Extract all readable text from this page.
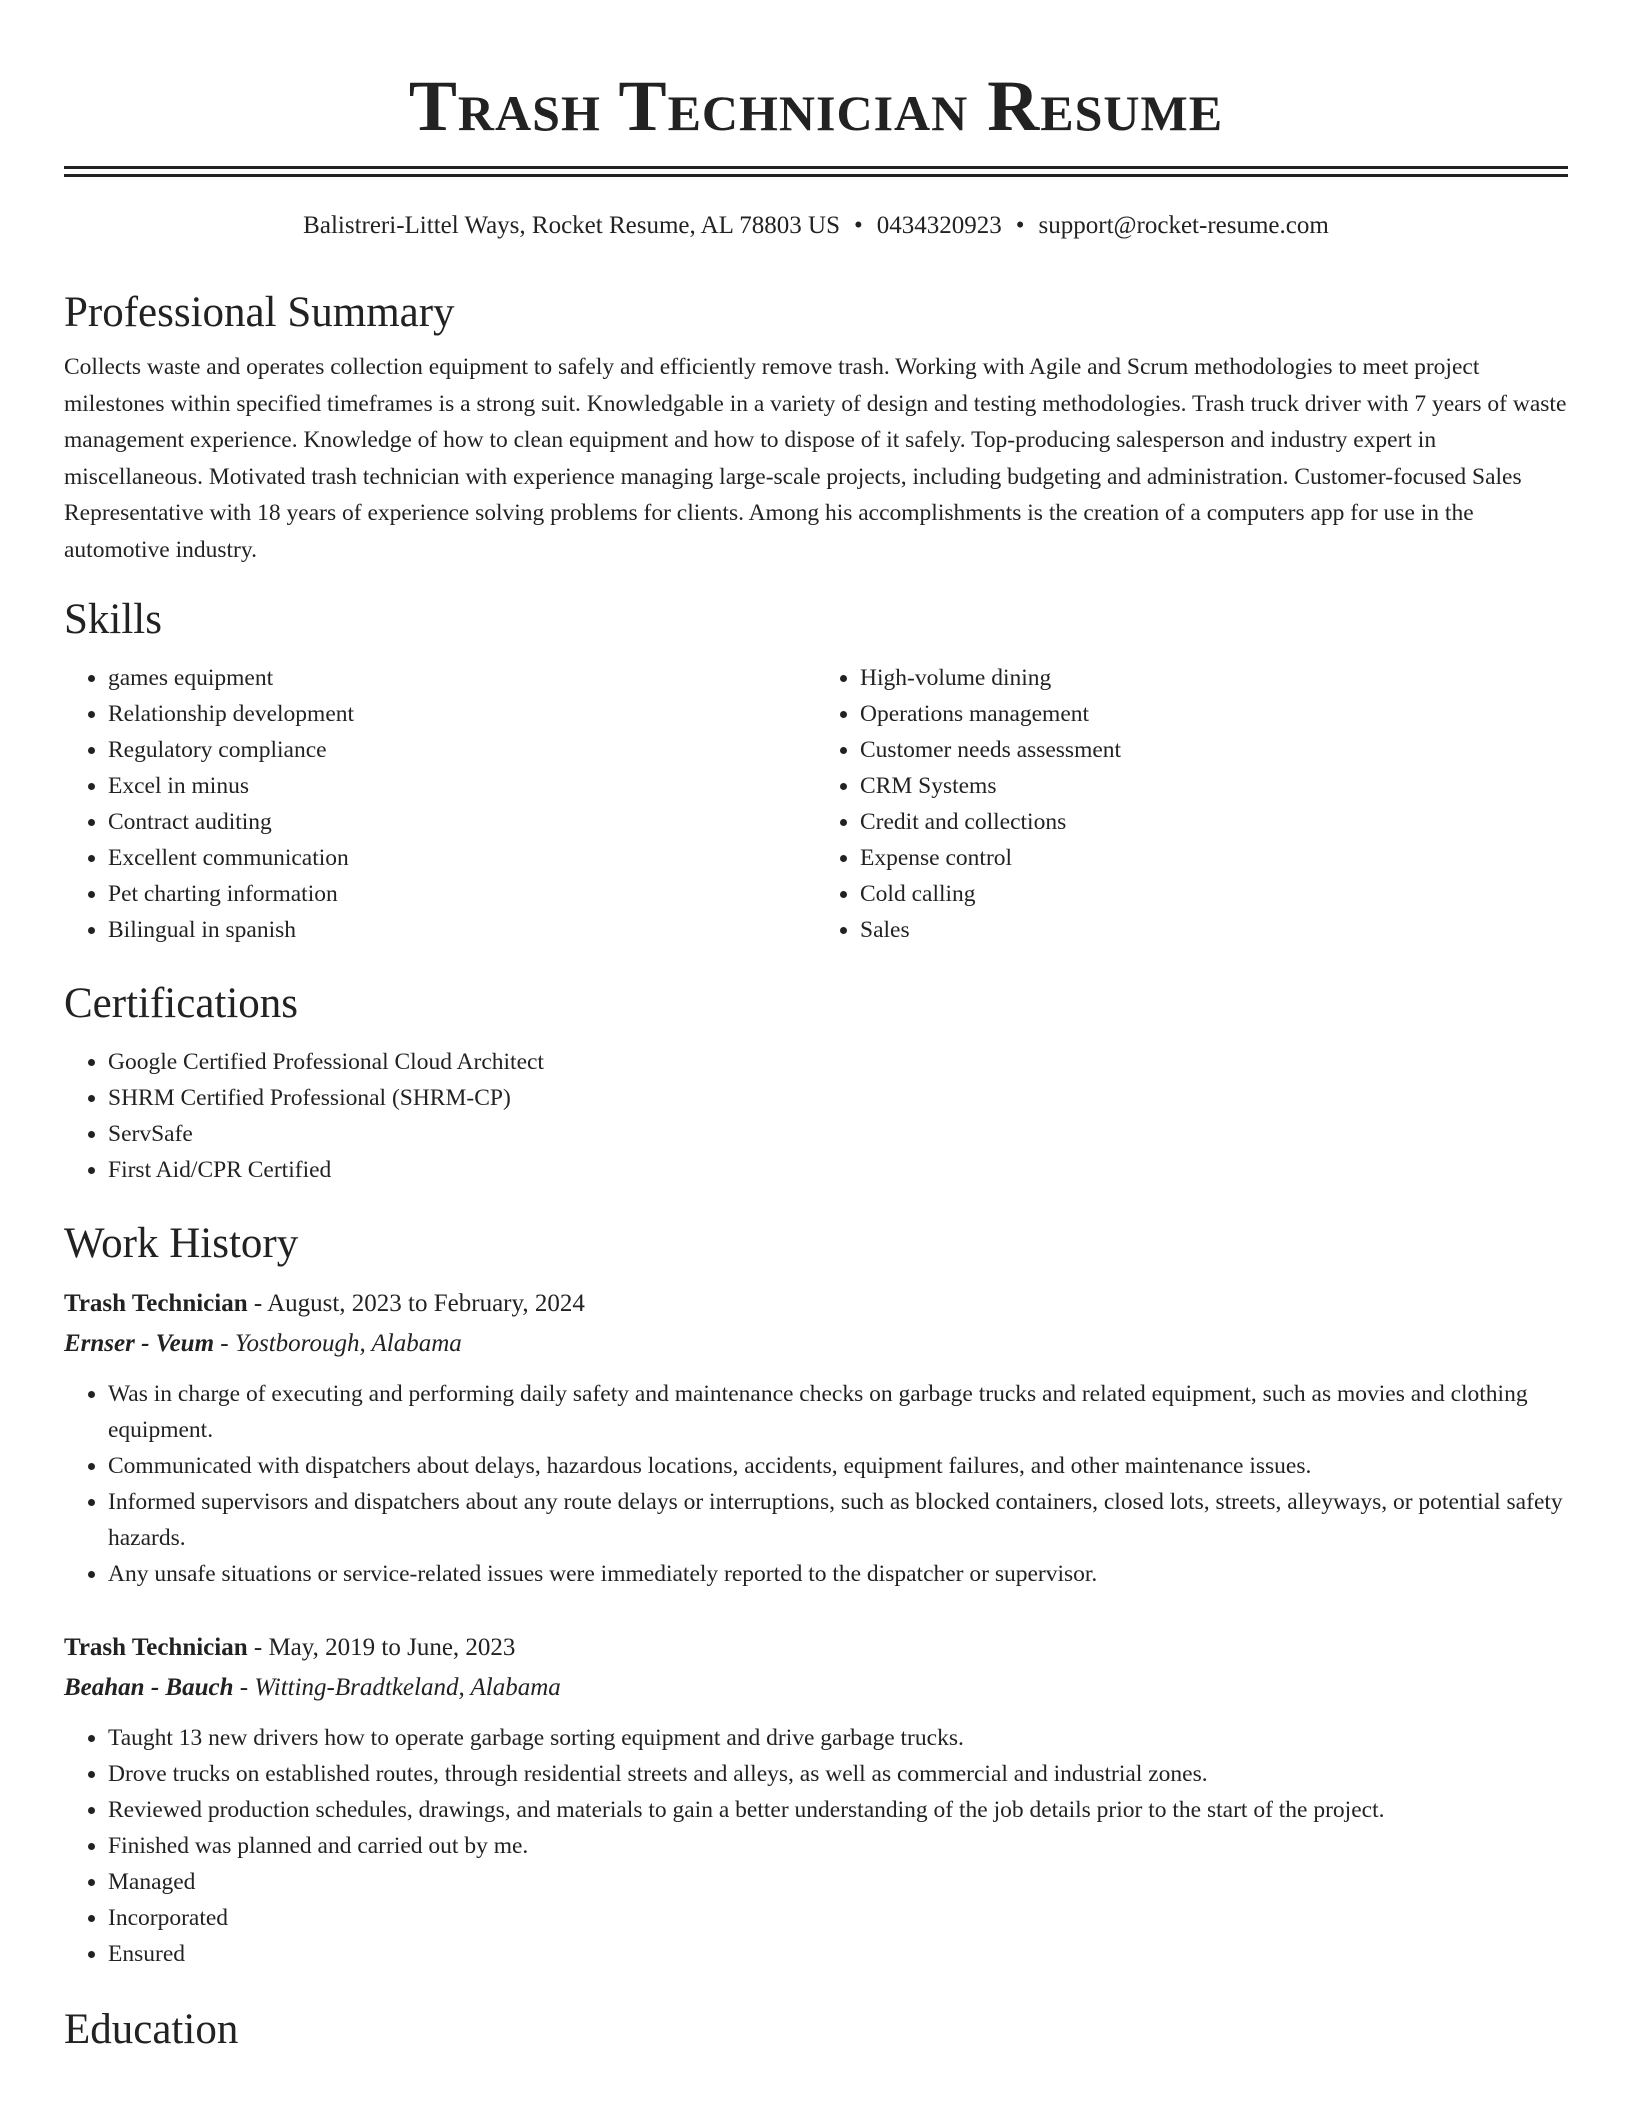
Trash Technician Resume
Balistreri-Littel Ways, Rocket Resume, AL 78803 US • 0434320923 • support@rocket-resume.com
Professional Summary

Collects waste and operates collection equipment to safely and efficiently remove trash. Working with Agile and Scrum methodologies to meet project milestones within specified timeframes is a strong suit. Knowledgable in a variety of design and testing methodologies. Trash truck driver with 7 years of waste management experience. Knowledge of how to clean equipment and how to dispose of it safely. Top-producing salesperson and industry expert in miscellaneous. Motivated trash technician with experience managing large-scale projects, including budgeting and administration. Customer-focused Sales Representative with 18 years of experience solving problems for clients. Among his accomplishments is the creation of a computers app for use in the automotive industry.

Skills
• games equipment
• Relationship development
• Regulatory compliance
• Excel in minus
• Contract auditing
• Excellent communication
• Pet charting information
• Bilingual in spanish
• High-volume dining
• Operations management
• Customer needs assessment
• CRM Systems
• Credit and collections
• Expense control
• Cold calling
• Sales
Certifications
• Google Certified Professional Cloud Architect
• SHRM Certified Professional (SHRM-CP)
• ServSafe
• First Aid/CPR Certified
Work History
Trash Technician - August, 2023 to February, 2024
Ernser - Veum - Yostborough, Alabama
• Was in charge of executing and performing daily safety and maintenance checks on garbage trucks and related equipment, such as movies and clothing equipment.
• Communicated with dispatchers about delays, hazardous locations, accidents, equipment failures, and other maintenance issues.
• Informed supervisors and dispatchers about any route delays or interruptions, such as blocked containers, closed lots, streets, alleyways, or potential safety hazards.
• Any unsafe situations or service-related issues were immediately reported to the dispatcher or supervisor.
Trash Technician - May, 2019 to June, 2023
Beahan - Bauch - Witting-Bradtkeland, Alabama
• Taught 13 new drivers how to operate garbage sorting equipment and drive garbage trucks.
• Drove trucks on established routes, through residential streets and alleys, as well as commercial and industrial zones.
• Reviewed production schedules, drawings, and materials to gain a better understanding of the job details prior to the start of the project.
• Finished was planned and carried out by me.
• Managed
• Incorporated
• Ensured
Education
